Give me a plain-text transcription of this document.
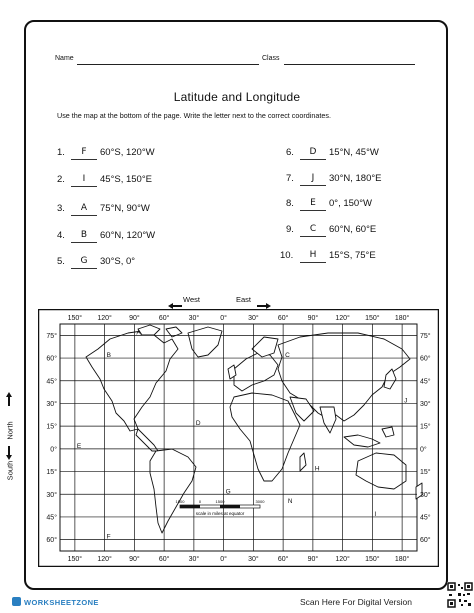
Name	Class
Latitude and Longitude
Use the map at the bottom of the page. Write the letter next to the correct coordinates.
1.	F	60°S, 120°W
2.	I	45°S, 150°E
3.	A	75°N, 90°W
4.	B	60°N, 120°W
5.	G	30°S, 0°
6.	D	15°N, 45°W
7.	J	30°N, 180°E
8.	E	0°, 150°W
9.	C	60°N, 60°E
10.	H	15°S, 75°E
West	East
North
South
150° 120° 90°	60°	30°	0°	30°	60°	90° 120° 150° 180°
150° 120° 90°	60°	30°	0°	30°	60°	90° 120° 150° 180°
75°
60°
45°
30°
15°
0°
15°
30°
45°
60°
75°
60°
45°
30°
15°
0°
15°
30°
45°
60°
A
B	C
D
E
F
G
H
I
J
1500	0	1500	3000
scale in miles at equator
N
WORKSHEETZONE	Scan Here For Digital Version
